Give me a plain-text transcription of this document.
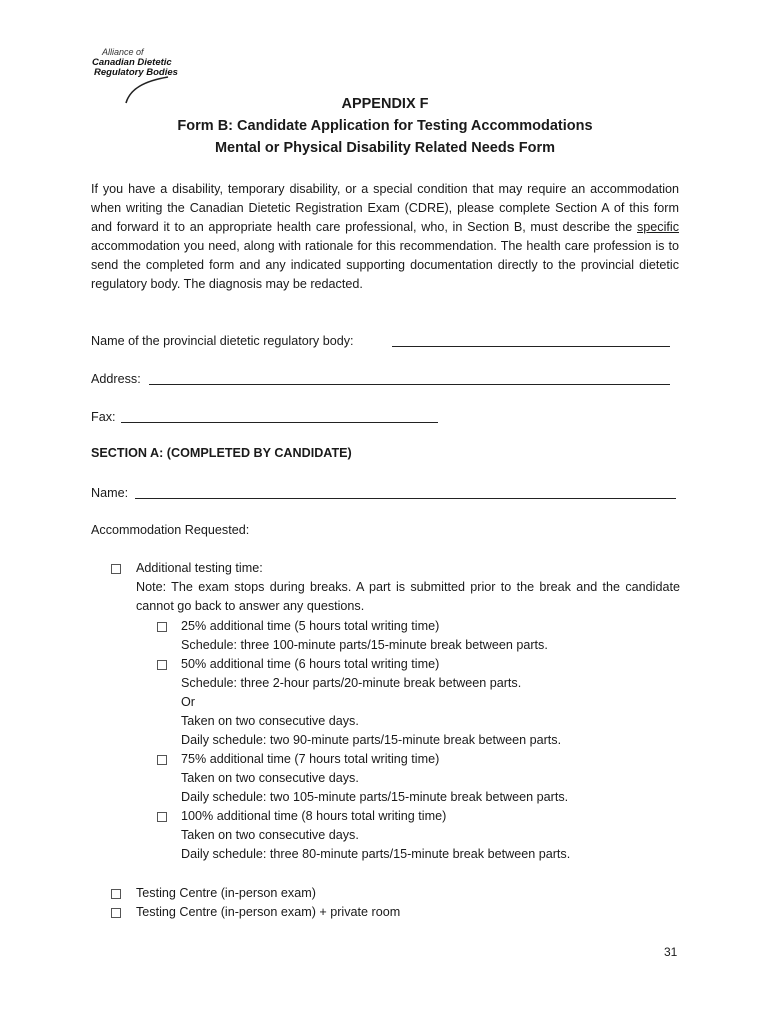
Alliance of
Canadian Dietetic
Regulatory Bodies
APPENDIX F
Form B: Candidate Application for Testing Accommodations
Mental or Physical Disability Related Needs Form
If you have a disability, temporary disability, or a special condition that may require an accommodation when writing the Canadian Dietetic Registration Exam (CDRE), please complete Section A of this form and forward it to an appropriate health care professional, who, in Section B, must describe the specific accommodation you need, along with rationale for this recommendation. The health care profession is to send the completed form and any indicated supporting documentation directly to the provincial dietetic regulatory body. The diagnosis may be redacted.
Name of the provincial dietetic regulatory body:
Address:
Fax:
SECTION A: (COMPLETED BY CANDIDATE)
Name:
Accommodation Requested:
Additional testing time:
Note: The exam stops during breaks. A part is submitted prior to the break and the candidate cannot go back to answer any questions.
25% additional time (5 hours total writing time)
Schedule: three 100-minute parts/15-minute break between parts.
50% additional time (6 hours total writing time)
Schedule: three 2-hour parts/20-minute break between parts.
Or
Taken on two consecutive days.
Daily schedule: two 90-minute parts/15-minute break between parts.
75% additional time (7 hours total writing time)
Taken on two consecutive days.
Daily schedule: two 105-minute parts/15-minute break between parts.
100% additional time (8 hours total writing time)
Taken on two consecutive days.
Daily schedule: three 80-minute parts/15-minute break between parts.
Testing Centre (in-person exam)
Testing Centre (in-person exam) + private room
31
